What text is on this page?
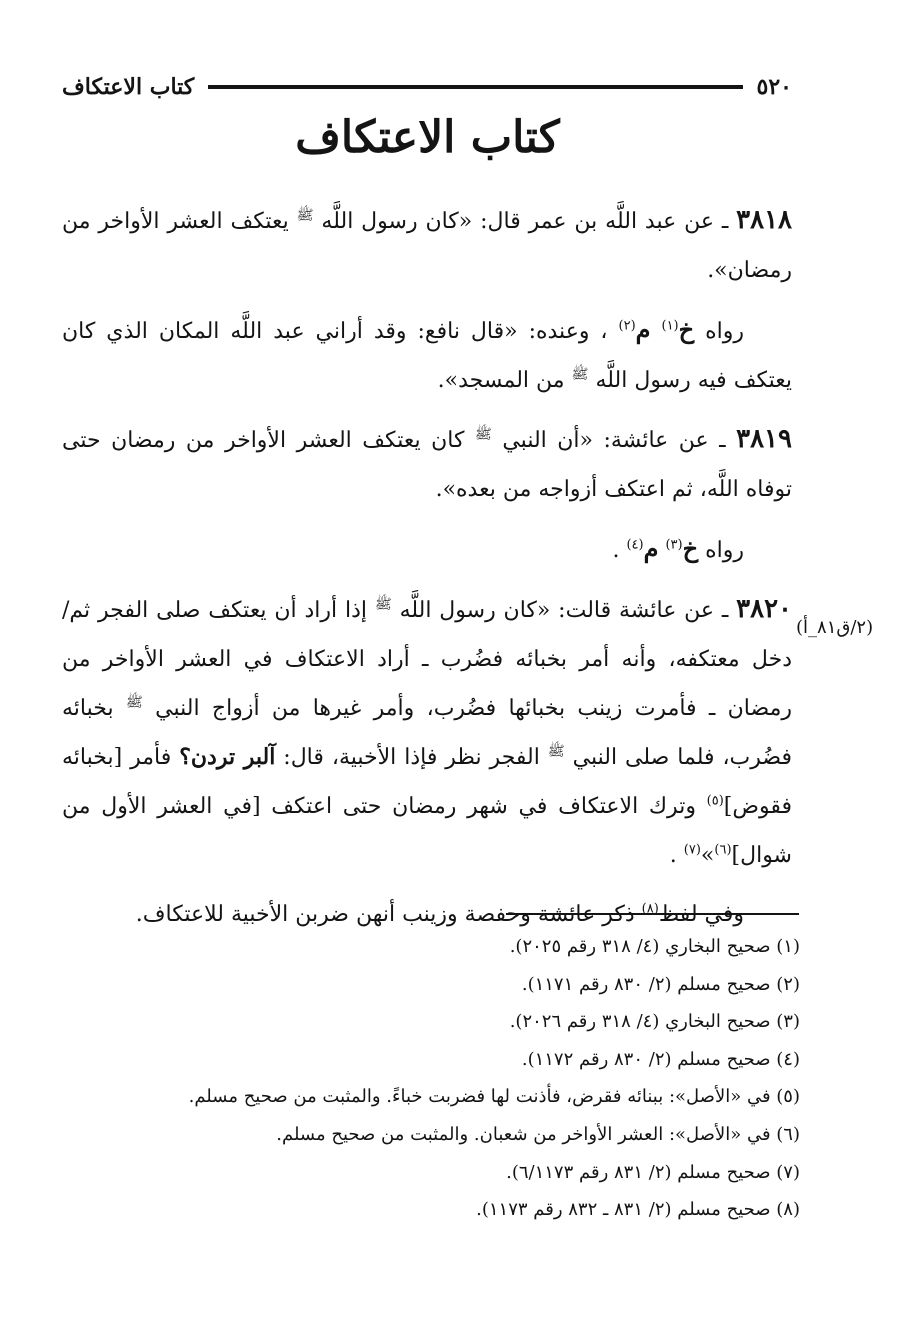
٥٢٠
كتاب الاعتكاف
كتاب الاعتكاف
(٢/ق٨١_أ)

٣٨١٨ ـ عن عبد اللَّه بن عمر قال: «كان رسول اللَّه $^ﷺ$ يعتكف العشر الأواخر من رمضان».

رواه خ$^{(١)}$ م$^{(٢)}$ ، وعنده: «قال نافع: وقد أراني عبد اللَّه المكان الذي كان يعتكف فيه رسول اللَّه $^ﷺ$ من المسجد».

٣٨١٩ ـ عن عائشة: «أن النبي $^ﷺ$ كان يعتكف العشر الأواخر من رمضان حتى توفاه اللَّه، ثم اعتكف أزواجه من بعده».

رواه خ$^{(٣)}$ م$^{(٤)}$ .

٣٨٢٠ ـ عن عائشة قالت: «كان رسول اللَّه $^ﷺ$ إذا أراد أن يعتكف صلى الفجر ثم/ دخل معتكفه، وأنه أمر بخبائه فضُرب ـ أراد الاعتكاف في العشر الأواخر من رمضان ـ فأمرت زينب بخبائها فضُرب، وأمر غيرها من أزواج النبي $^ﷺ$ بخبائه فضُرب، فلما صلى النبي $^ﷺ$ الفجر نظر فإذا الأخبية، قال: آلبر تردن؟ فأمر [بخبائه فقوض]$^{(٥)}$ وترك الاعتكاف في شهر رمضان حتى اعتكف [في العشر الأول من شوال]$^{(٦)}$»$^{(٧)}$ .

وفي لفظ$^{(٨)}$ ذكر عائشة وحفصة وزينب أنهن ضربن الأخبية للاعتكاف.

(١) صحيح البخاري (٤/ ٣١٨ رقم ٢٠٢٥).

(٢) صحيح مسلم (٢/ ٨٣٠ رقم ١١٧١).

(٣) صحيح البخاري (٤/ ٣١٨ رقم ٢٠٢٦).

(٤) صحيح مسلم (٢/ ٨٣٠ رقم ١١٧٢).

(٥) في «الأصل»: ببنائه فقرض، فأذنت لها فضربت خباءً. والمثبت من صحيح مسلم.

(٦) في «الأصل»: العشر الأواخر من شعبان. والمثبت من صحيح مسلم.

(٧) صحيح مسلم (٢/ ٨٣١ رقم ٦/١١٧٣).

(٨) صحيح مسلم (٢/ ٨٣١ ـ ٨٣٢ رقم ١١٧٣).
